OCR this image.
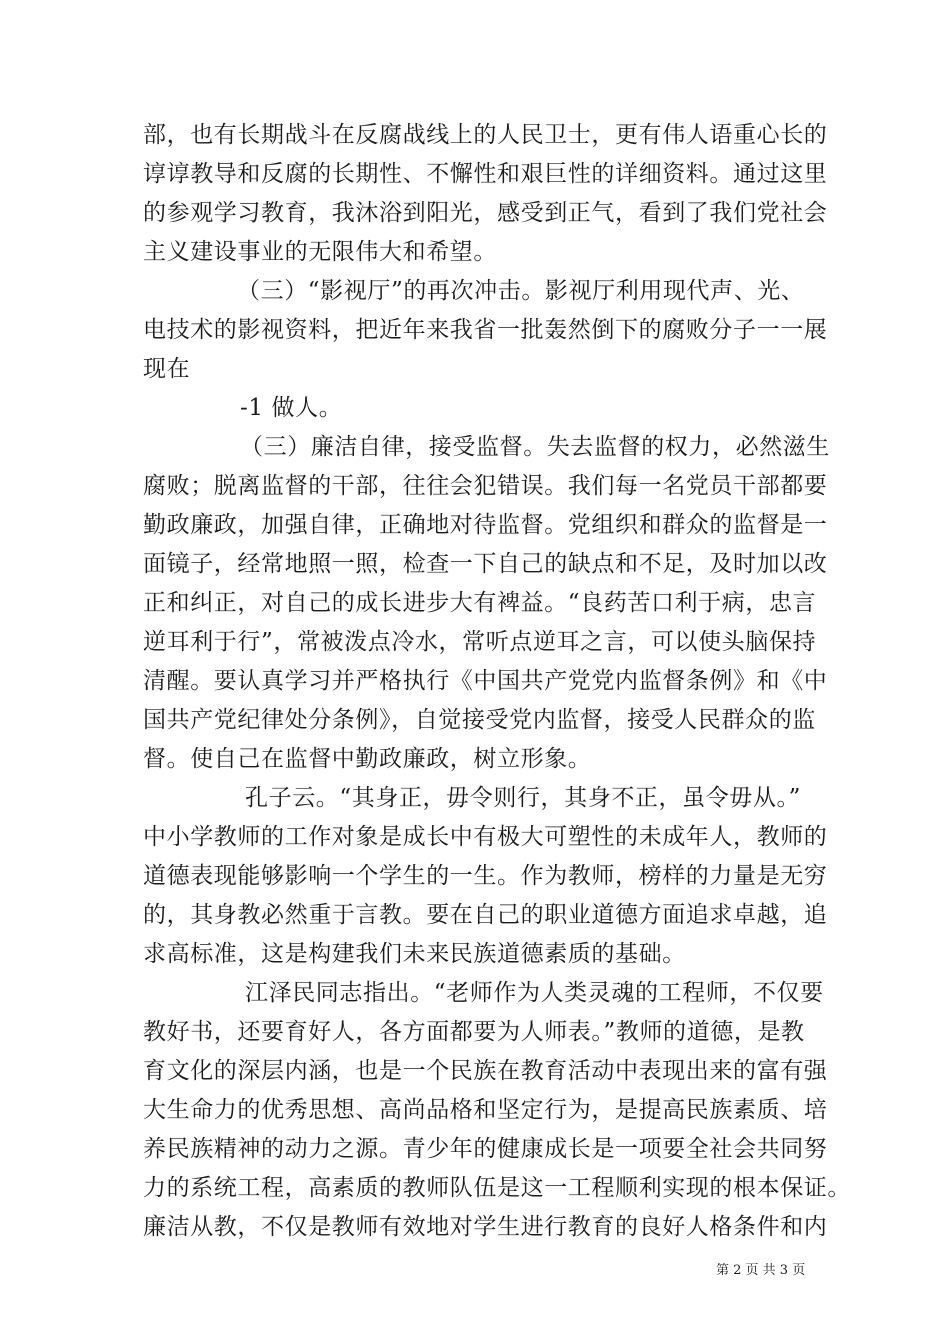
部，也有长期战斗在反腐战线上的人民卫士，更有伟人语重心长的
谆谆教导和反腐的长期性、不懈性和艰巨性的详细资料。通过这里
的参观学习教育，我沐浴到阳光，感受到正气，看到了我们党社会
主义建设事业的无限伟大和希望。
（三）“影视厅”的再次冲击。影视厅利用现代声、光、
电技术的影视资料，把近年来我省一批轰然倒下的腐败分子一一展
现在
-1 做人。
（三）廉洁自律，接受监督。失去监督的权力，必然滋生
腐败；脱离监督的干部，往往会犯错误。我们每一名党员干部都要
勤政廉政，加强自律，正确地对待监督。党组织和群众的监督是一
面镜子，经常地照一照，检查一下自己的缺点和不足，及时加以改
正和纠正，对自己的成长进步大有裨益。“良药苦口利于病，忠言
逆耳利于行”，常被泼点冷水，常听点逆耳之言，可以使头脑保持
清醒。要认真学习并严格执行《中国共产党党内监督条例》和《中
国共产党纪律处分条例》，自觉接受党内监督，接受人民群众的监
督。使自己在监督中勤政廉政，树立形象。
孔子云。“其身正，毋令则行，其身不正，虽令毋从。”
中小学教师的工作对象是成长中有极大可塑性的未成年人，教师的
道德表现能够影响一个学生的一生。作为教师，榜样的力量是无穷
的，其身教必然重于言教。要在自己的职业道德方面追求卓越，追
求高标准，这是构建我们未来民族道德素质的基础。
江泽民同志指出。“老师作为人类灵魂的工程师，不仅要
教好书，还要育好人，各方面都要为人师表。”教师的道德，是教
育文化的深层内涵，也是一个民族在教育活动中表现出来的富有强
大生命力的优秀思想、高尚品格和坚定行为，是提高民族素质、培
养民族精神的动力之源。青少年的健康成长是一项要全社会共同努
力的系统工程，高素质的教师队伍是这一工程顺利实现的根本保证。
廉洁从教，不仅是教师有效地对学生进行教育的良好人格条件和内
第 2 页 共 3 页
